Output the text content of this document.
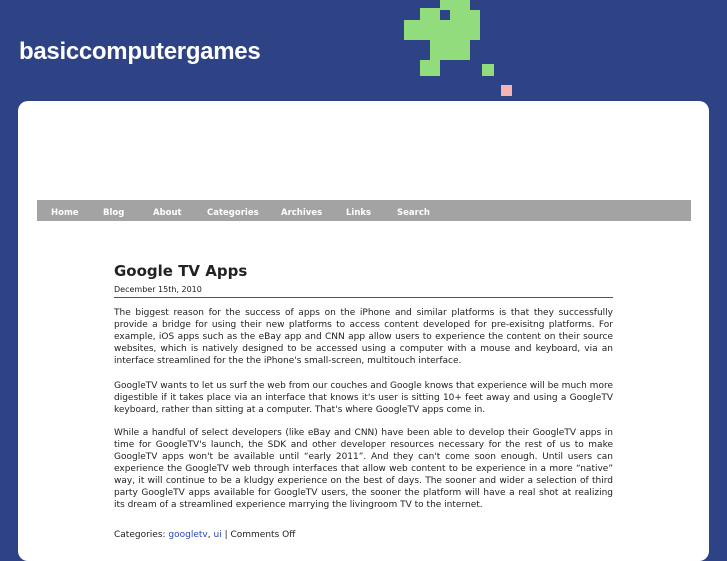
basiccomputergames
Home	Blog	About	Categories	Archives	Links	Search
Google TV Apps
December 15th, 2010

The biggest reason for the success of apps on the iPhone and similar platforms is that they successfully provide a bridge for using their new platforms to access content developed for pre-exisitng platforms. For example, iOS apps such as the eBay app and CNN app allow users to experience the content on their source websites, which is natively designed to be accessed using a computer with a mouse and keyboard, via an interface streamlined for the the iPhone's small-screen, multitouch interface.

GoogleTV wants to let us surf the web from our couches and Google knows that experience will be much more digestible if it takes place via an interface that knows it's user is sitting 10+ feet away and using a GoogleTV keyboard, rather than sitting at a computer. That's where GoogleTV apps come in.

While a handful of select developers (like eBay and CNN) have been able to develop their GoogleTV apps in time for GoogleTV's launch, the SDK and other developer resources necessary for the rest of us to make GoogleTV apps won't be available until “early 2011”. And they can't come soon enough. Until users can experience the GoogleTV web through interfaces that allow web content to be experience in a more “native” way, it will continue to be a kludgy experience on the best of days. The sooner and wider a selection of third party GoogleTV apps available for GoogleTV users, the sooner the platform will have a real shot at realizing its dream of a streamlined experience marrying the livingroom TV to the internet.

Categories: googletv, ui | Comments Off
